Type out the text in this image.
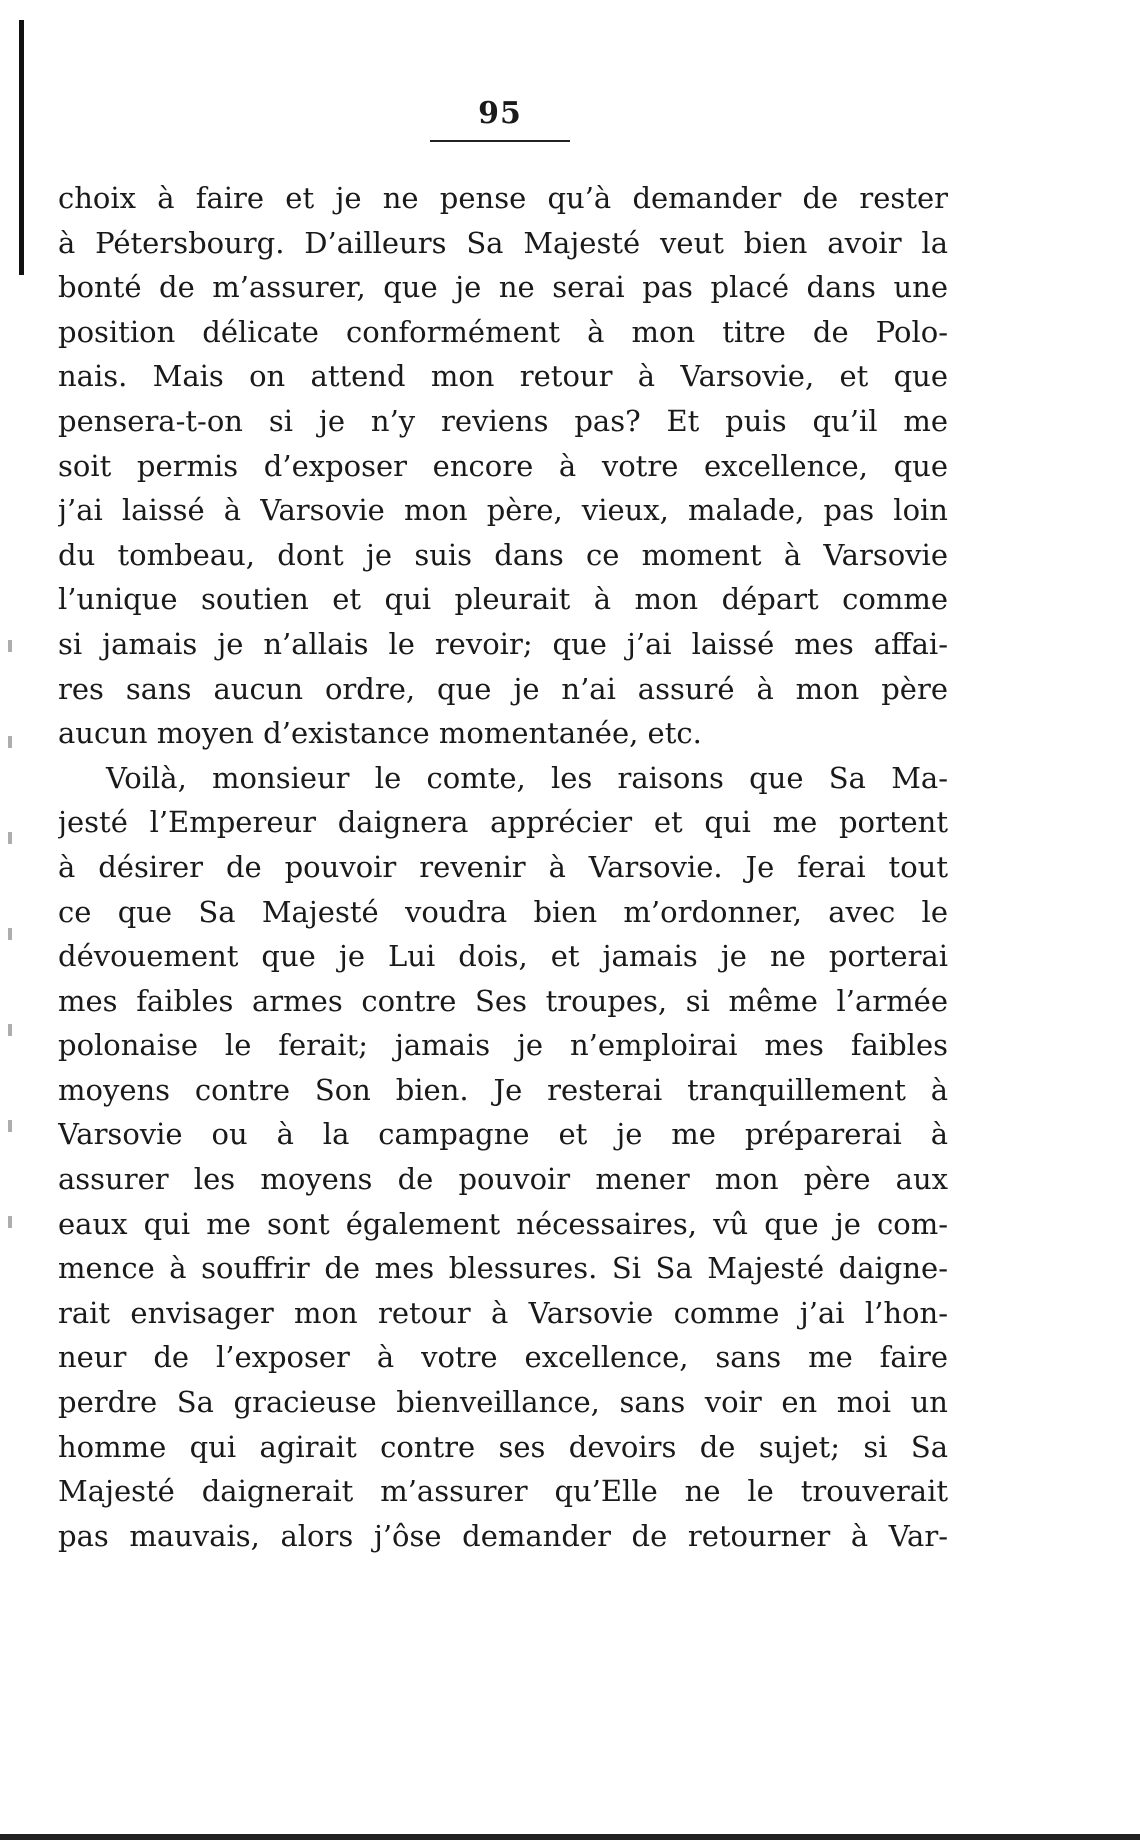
95
choix à faire et je ne pense qu’à demander de rester
à Pétersbourg. D’ailleurs Sa Majesté veut bien avoir la
bonté de m’assurer, que je ne serai pas placé dans une
position délicate conformément à mon titre de Polo-
nais. Mais on attend mon retour à Varsovie, et que
pensera-t-on si je n’y reviens pas? Et puis qu’il me
soit permis d’exposer encore à votre excellence, que
j’ai laissé à Varsovie mon père, vieux, malade, pas loin
du tombeau, dont je suis dans ce moment à Varsovie
l’unique soutien et qui pleurait à mon départ comme
si jamais je n’allais le revoir; que j’ai laissé mes affai-
res sans aucun ordre, que je n’ai assuré à mon père
aucun moyen d’existance momentanée, etc.
Voilà, monsieur le comte, les raisons que Sa Ma-
jesté l’Empereur daignera apprécier et qui me portent
à désirer de pouvoir revenir à Varsovie. Je ferai tout
ce que Sa Majesté voudra bien m’ordonner, avec le
dévouement que je Lui dois, et jamais je ne porterai
mes faibles armes contre Ses troupes, si même l’armée
polonaise le ferait; jamais je n’emploirai mes faibles
moyens contre Son bien. Je resterai tranquillement à
Varsovie ou à la campagne et je me préparerai à
assurer les moyens de pouvoir mener mon père aux
eaux qui me sont également nécessaires, vû que je com-
mence à souffrir de mes blessures. Si Sa Majesté daigne-
rait envisager mon retour à Varsovie comme j’ai l’hon-
neur de l’exposer à votre excellence, sans me faire
perdre Sa gracieuse bienveillance, sans voir en moi un
homme qui agirait contre ses devoirs de sujet; si Sa
Majesté daignerait m’assurer qu’Elle ne le trouverait
pas mauvais, alors j’ôse demander de retourner à Var-
